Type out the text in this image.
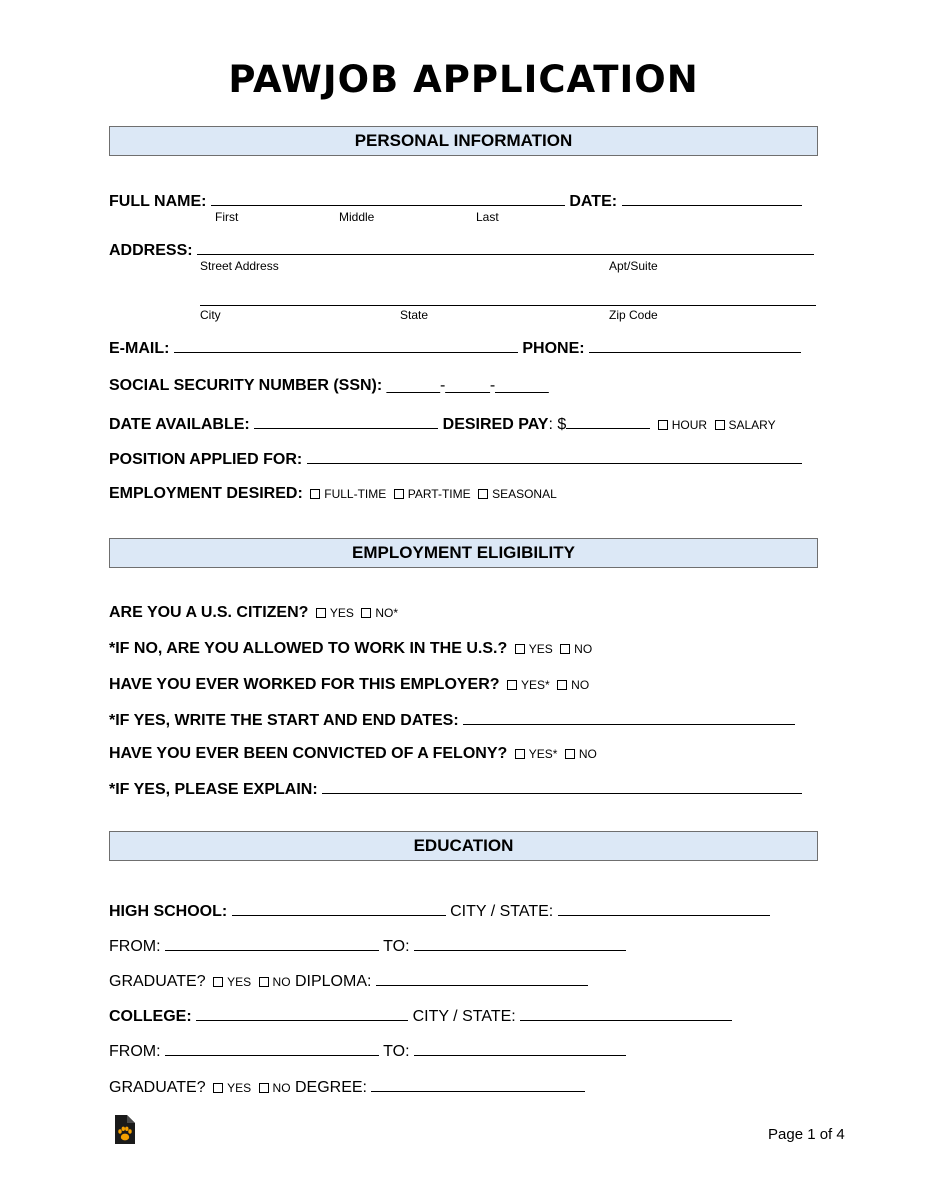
PAWJOB APPLICATION
PERSONAL INFORMATION
FULL NAME:	DATE:
First	Middle	Last
ADDRESS:
Street Address	Apt/Suite
City	State	Zip Code
E-MAIL:	PHONE:
SOCIAL SECURITY NUMBER (SSN): ______-_____-______
DATE AVAILABLE:	DESIRED PAY: $	HOUR SALARY
POSITION APPLIED FOR:
EMPLOYMENT DESIRED: FULL-TIME PART-TIME SEASONAL
EMPLOYMENT ELIGIBILITY
ARE YOU A U.S. CITIZEN? YES NO*
*IF NO, ARE YOU ALLOWED TO WORK IN THE U.S.? YES NO
HAVE YOU EVER WORKED FOR THIS EMPLOYER? YES* NO
*IF YES, WRITE THE START AND END DATES:
HAVE YOU EVER BEEN CONVICTED OF A FELONY? YES* NO
*IF YES, PLEASE EXPLAIN:
EDUCATION
HIGH SCHOOL:	CITY / STATE:
FROM:	TO:
GRADUATE? YES NO DIPLOMA:
COLLEGE:	CITY / STATE:
FROM:	TO:
GRADUATE? YES NO DEGREE:
Page 1 of 4
